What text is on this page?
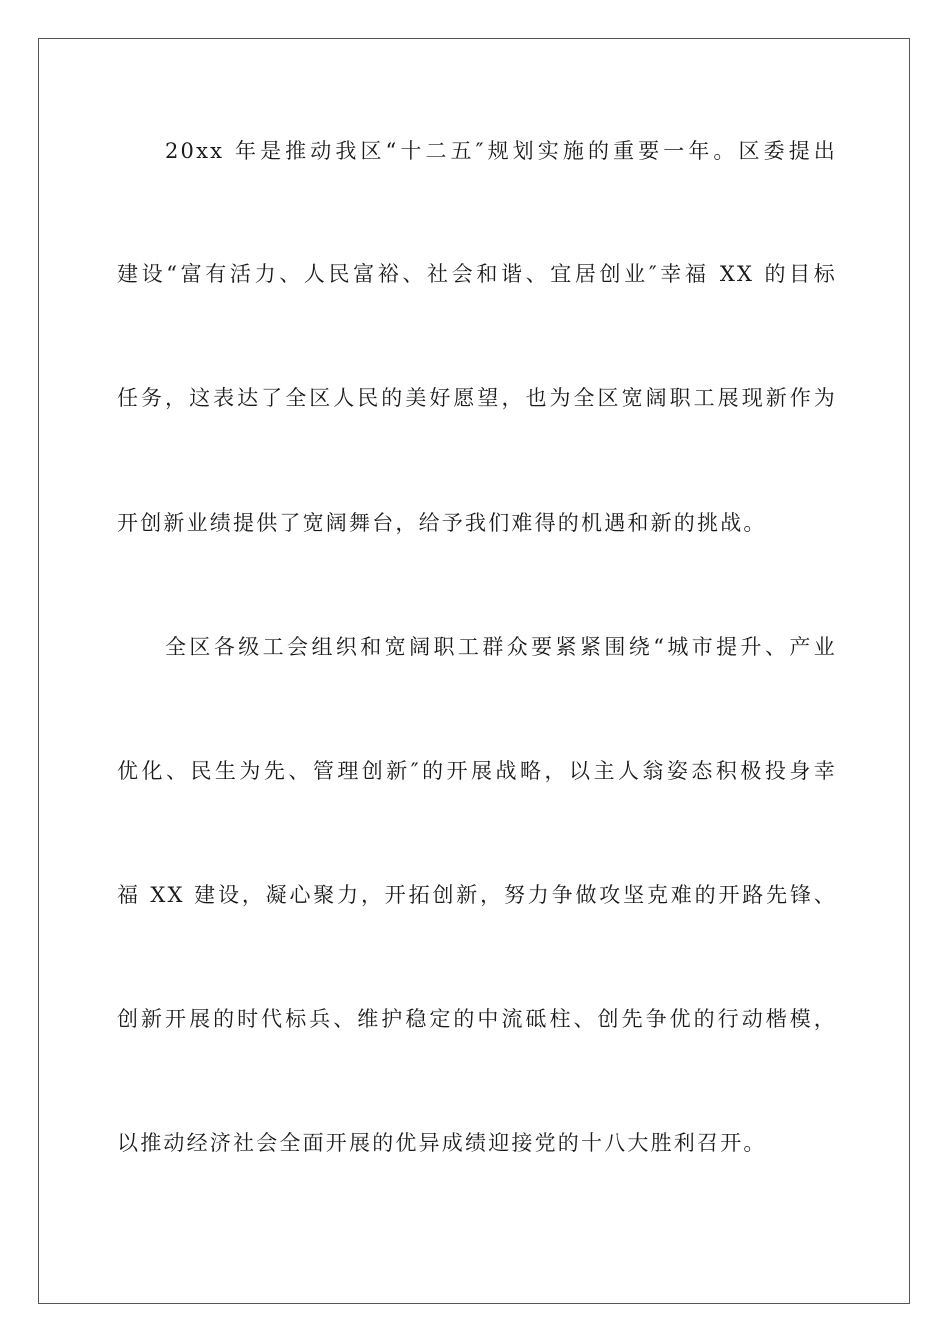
20xx 年是推动我区“十二五″规划实施的重要一年。区委提出
建设“富有活力、人民富裕、社会和谐、宜居创业″幸福 XX 的目标
任务，这表达了全区人民的美好愿望，也为全区宽阔职工展现新作为
开创新业绩提供了宽阔舞台，给予我们难得的机遇和新的挑战。
全区各级工会组织和宽阔职工群众要紧紧围绕“城市提升、产业
优化、民生为先、管理创新″的开展战略，以主人翁姿态积极投身幸
福 XX 建设，凝心聚力，开拓创新，努力争做攻坚克难的开路先锋、
创新开展的时代标兵、维护稳定的中流砥柱、创先争优的行动楷模，
以推动经济社会全面开展的优异成绩迎接党的十八大胜利召开。
